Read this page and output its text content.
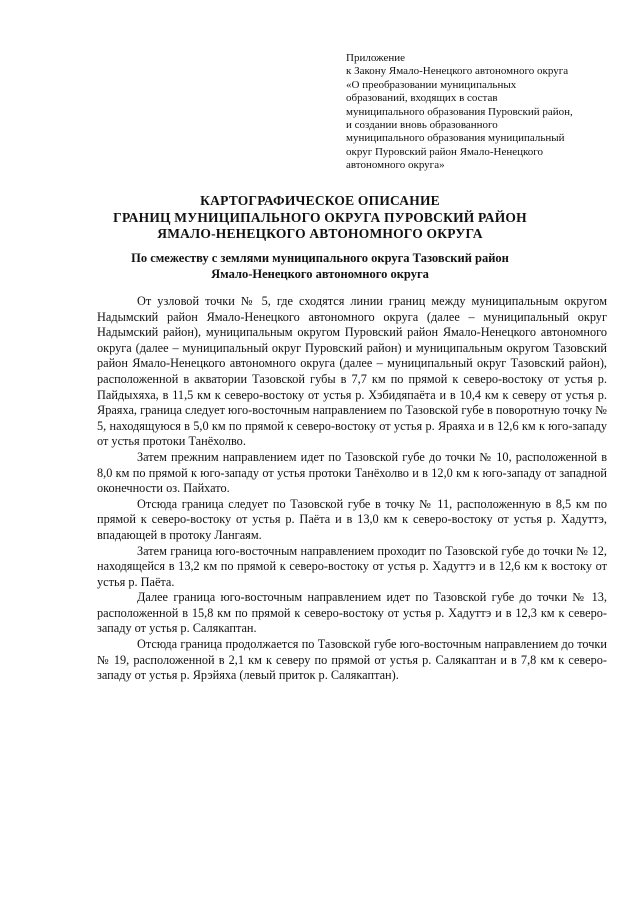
Приложение
к Закону Ямало-Ненецкого автономного округа
«О преобразовании муниципальных
образований, входящих в состав
муниципального образования Пуровский район,
и создании вновь образованного
муниципального образования муниципальный
округ Пуровский район Ямало-Ненецкого
автономного округа»
КАРТОГРАФИЧЕСКОЕ ОПИСАНИЕ
ГРАНИЦ МУНИЦИПАЛЬНОГО ОКРУГА ПУРОВСКИЙ РАЙОН
ЯМАЛО-НЕНЕЦКОГО АВТОНОМНОГО ОКРУГА
По смежеству с землями муниципального округа Тазовский район
Ямало-Ненецкого автономного округа

От узловой точки № 5, где сходятся линии границ между муниципальным округом Надымский район Ямало-Ненецкого автономного округа (далее – муниципальный округ Надымский район), муниципальным округом Пуровский район Ямало-Ненецкого автономного округа (далее – муниципальный округ Пуровский район) и муниципальным округом Тазовский район Ямало-Ненецкого автономного округа (далее – муниципальный округ Тазовский район), расположенной в акватории Тазовской губы в 7,7 км по прямой к северо-востоку от устья р. Пайдыхяха, в 11,5 км к северо-востоку от устья р. Хэбидяпаёта и в 10,4 км к северу от устья р. Яраяха, граница следует юго-восточным направлением по Тазовской губе в поворотную точку № 5, находящуюся в 5,0 км по прямой к северо-востоку от устья р. Яраяха и в 12,6 км к юго-западу от устья протоки Танёхолво.

Затем прежним направлением идет по Тазовской губе до точки № 10, расположенной в 8,0 км по прямой к юго-западу от устья протоки Танёхолво и в 12,0 км к юго-западу от западной оконечности оз. Пайхато.

Отсюда граница следует по Тазовской губе в точку № 11, расположенную в 8,5 км по прямой к северо-востоку от устья р. Паёта и в 13,0 км к северо-востоку от устья р. Хадуттэ, впадающей в протоку Лангаям.

Затем граница юго-восточным направлением проходит по Тазовской губе до точки № 12, находящейся в 13,2 км по прямой к северо-востоку от устья р. Хадуттэ и в 12,6 км к востоку от устья р. Паёта.

Далее граница юго-восточным направлением идет по Тазовской губе до точки № 13, расположенной в 15,8 км по прямой к северо-востоку от устья р. Хадуттэ и в 12,3 км к северо-западу от устья р. Салякаптан.

Отсюда граница продолжается по Тазовской губе юго-восточным направлением до точки № 19, расположенной в 2,1 км к северу по прямой от устья р. Салякаптан и в 7,8 км к северо-западу от устья р. Ярэйяха (левый приток р. Салякаптан).
